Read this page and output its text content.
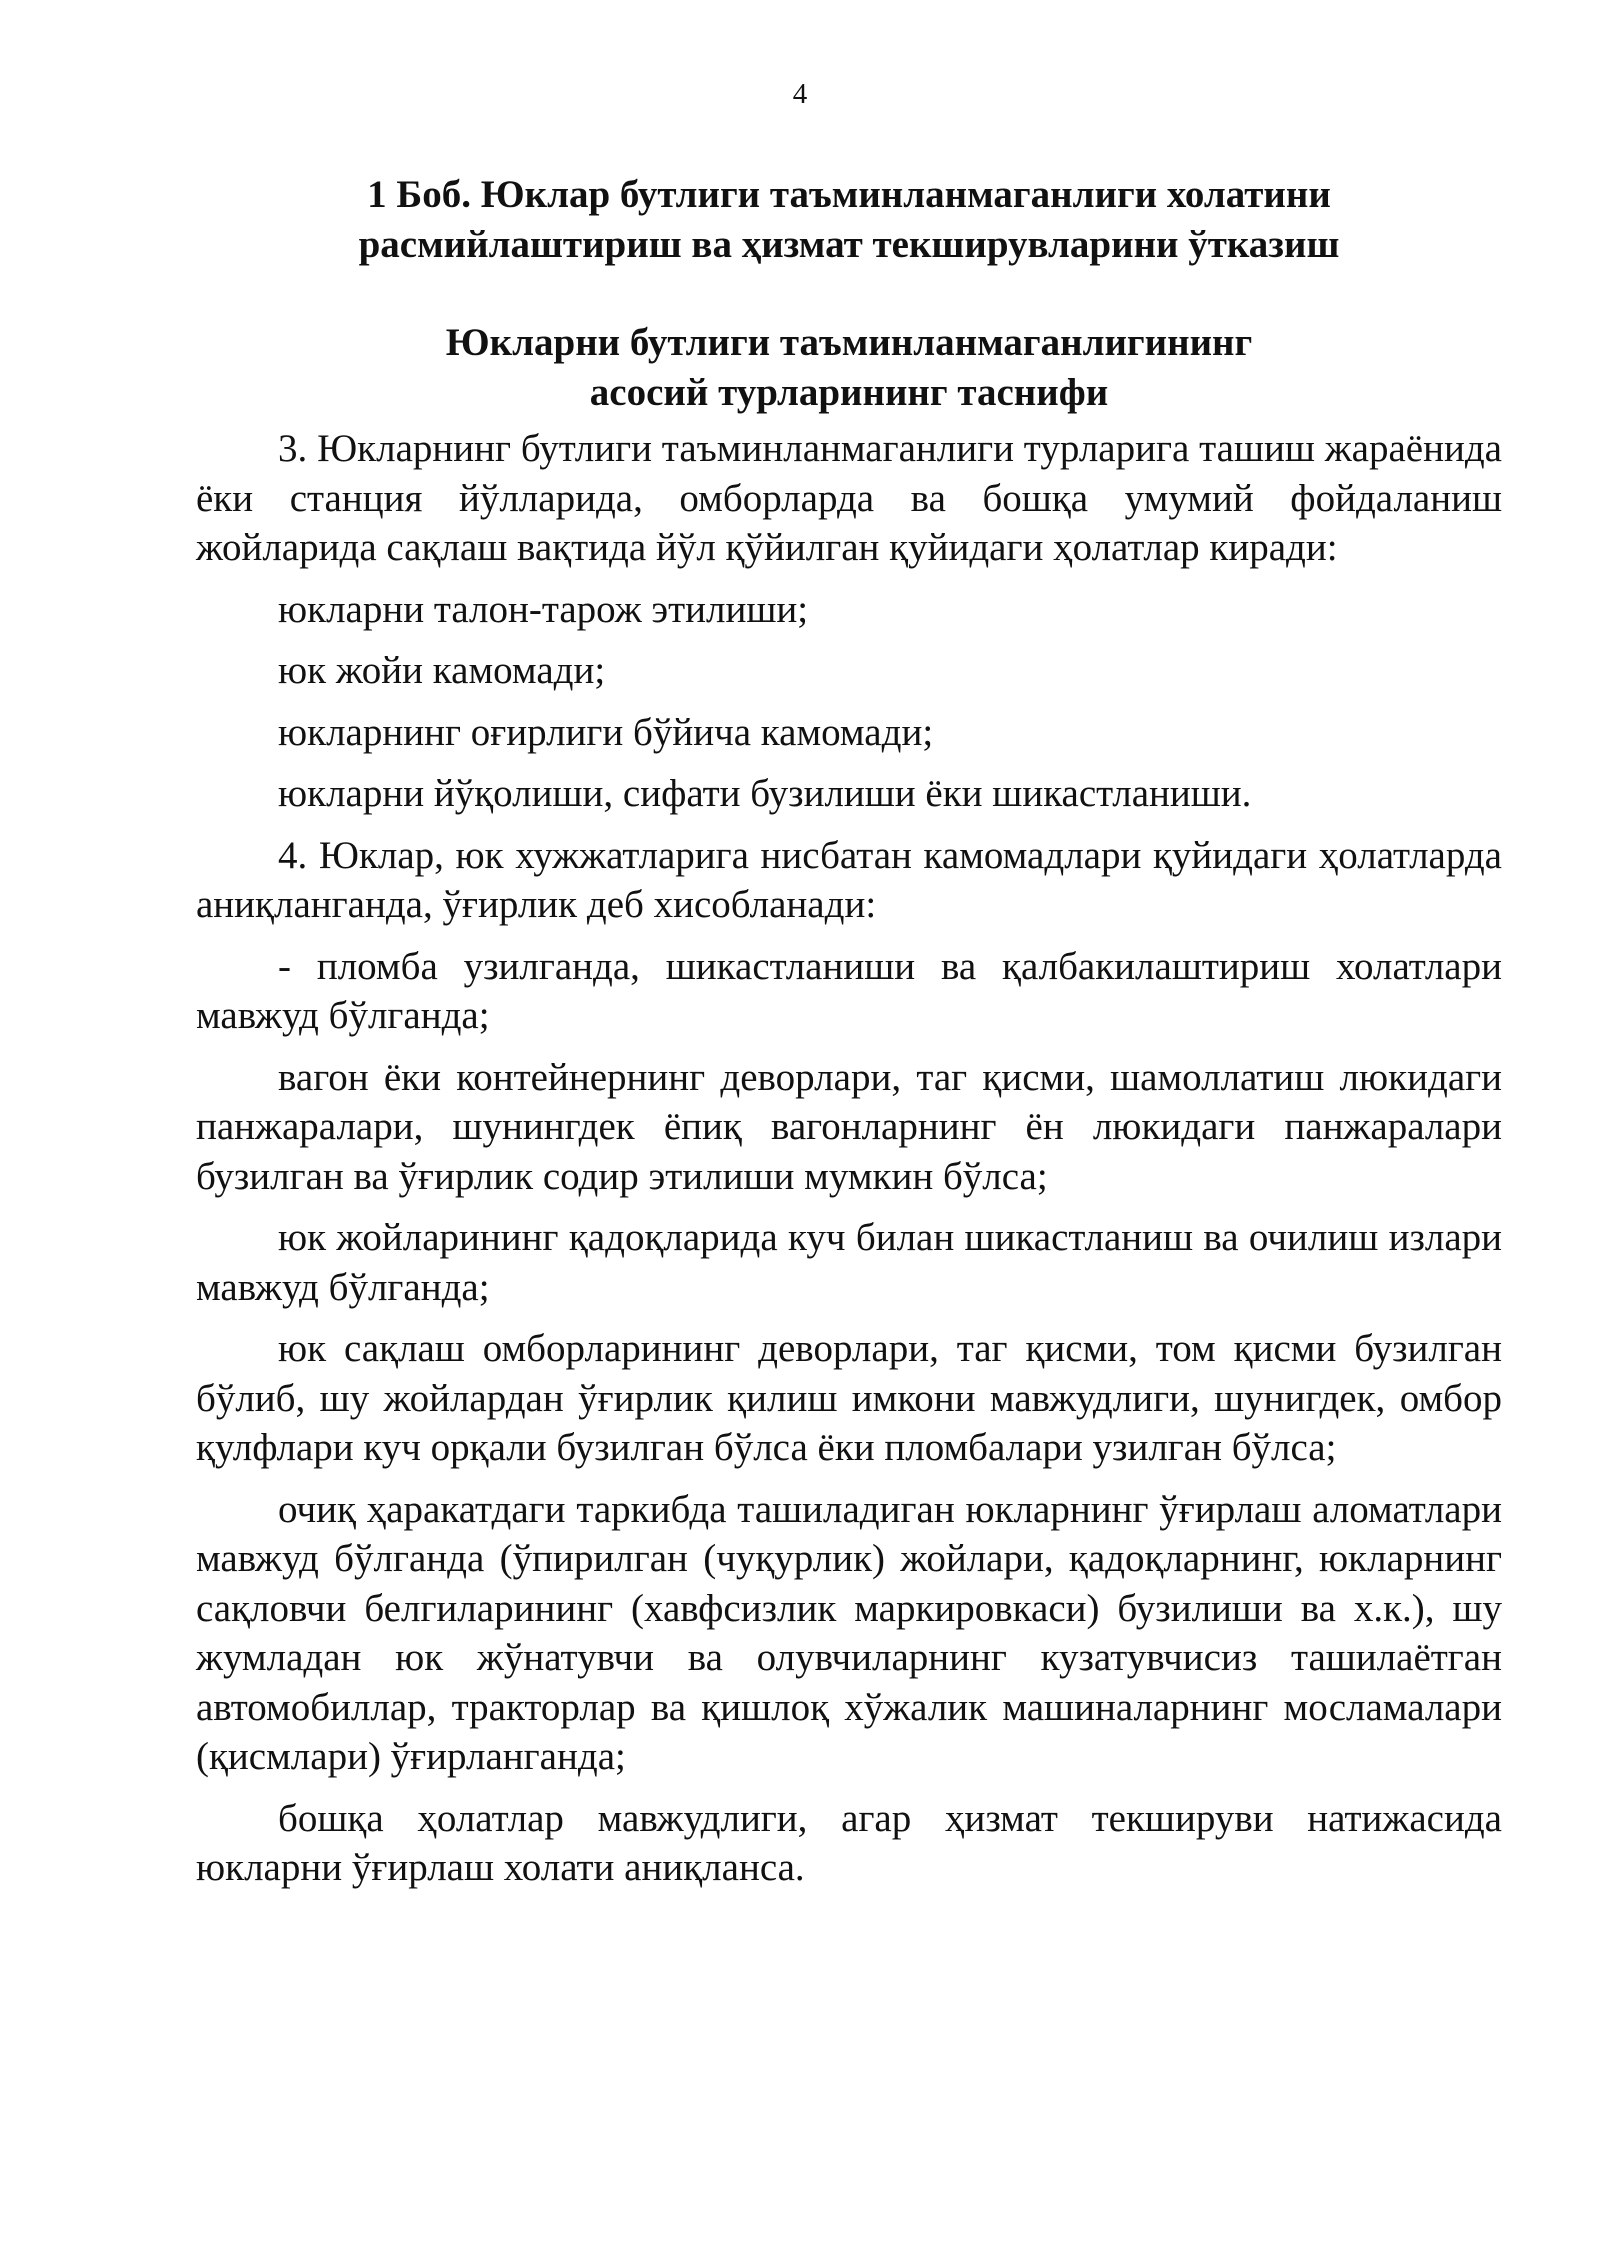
4
1 Боб. Юклар бутлиги таъминланмаганлиги холатини
расмийлаштириш ва ҳизмат текширувларини ўтказиш
Юкларни бутлиги таъминланмаганлигининг
асосий турларининг таснифи

3. Юкларнинг бутлиги таъминланмаганлиги турларига ташиш жараёнида ёки станция йўлларида, омборларда ва бошқа умумий фойдаланиш жойларида сақлаш вақтида йўл қўйилган қуйидаги ҳолатлар киради:

юкларни талон-тарож этилиши;

юк жойи камомади;

юкларнинг оғирлиги бўйича камомади;

юкларни йўқолиши, сифати бузилиши ёки шикастланиши.

4. Юклар, юк хужжатларига нисбатан камомадлари қуйидаги ҳолатларда аниқланганда, ўғирлик деб хисобланади:

- пломба узилганда, шикастланиши ва қалбакилаштириш холатлари мавжуд бўлганда;

вагон ёки контейнернинг деворлари, таг қисми, шамоллатиш люкидаги панжаралари, шунингдек ёпиқ вагонларнинг ён люкидаги панжаралари бузилган ва ўғирлик содир этилиши мумкин бўлса;

юк жойларининг қадоқларида куч билан шикастланиш ва очилиш излари мавжуд бўлганда;

юк сақлаш омборларининг деворлари, таг қисми, том қисми бузилган бўлиб, шу жойлардан ўғирлик қилиш имкони мавжудлиги, шунигдек, омбор қулфлари куч орқали бузилган бўлса ёки пломбалари узилган бўлса;

очиқ ҳаракатдаги таркибда ташиладиган юкларнинг ўғирлаш аломатлари мавжуд бўлганда (ўпирилган (чуқурлик) жойлари, қадоқларнинг, юкларнинг сақловчи белгиларининг (хавфсизлик маркировкаси) бузилиши ва х.к.), шу жумладан юк жўнатувчи ва олувчиларнинг кузатувчисиз ташилаётган автомобиллар, тракторлар ва қишлоқ хўжалик машиналарнинг мосламалари (қисмлари) ўғирланганда;

бошқа ҳолатлар мавжудлиги, агар ҳизмат текшируви натижасида юкларни ўғирлаш холати аниқланса.
